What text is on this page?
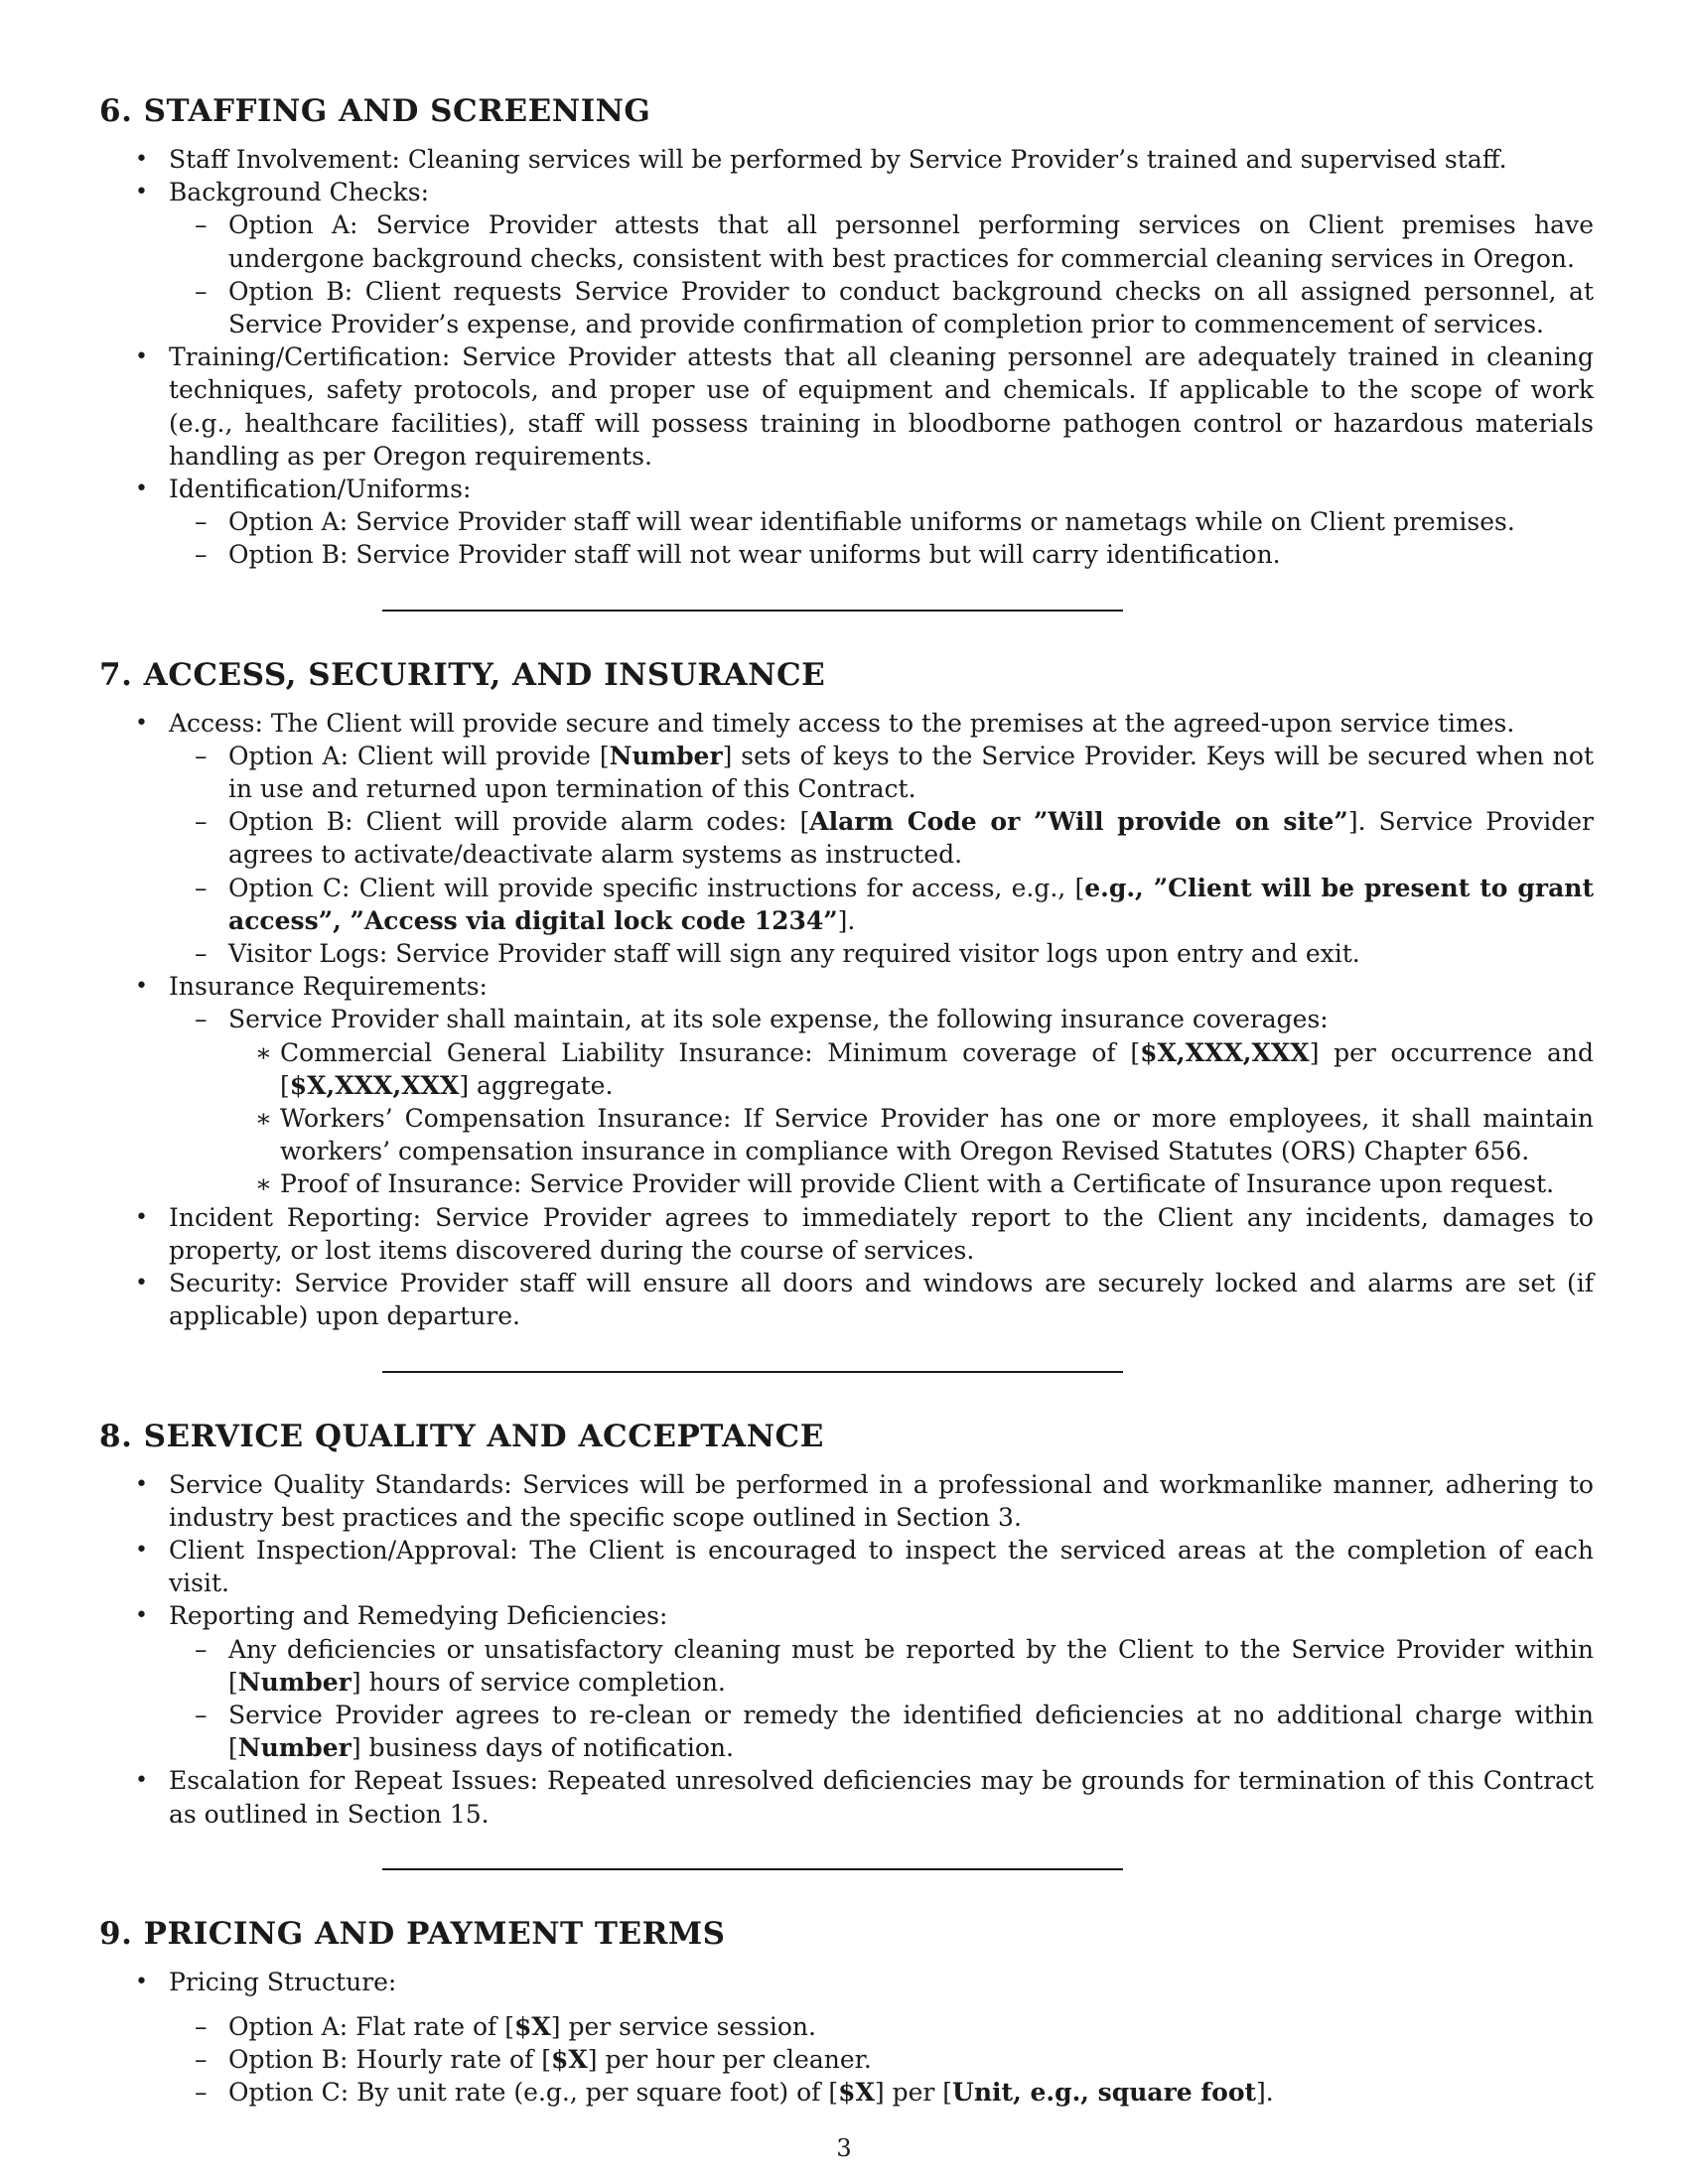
6. STAFFING AND SCREENING
• Staff Involvement: Cleaning services will be performed by Service Provider’s trained and supervised staff.
• Background Checks:
– Option A: Service Provider attests that all personnel performing services on Client premises have undergone background checks, consistent with best practices for commercial cleaning services in Oregon.
– Option B: Client requests Service Provider to conduct background checks on all assigned personnel, at Service Provider’s expense, and provide confirmation of completion prior to commencement of services.
• Training/Certification: Service Provider attests that all cleaning personnel are adequately trained in cleaning techniques, safety protocols, and proper use of equipment and chemicals. If applicable to the scope of work (e.g., healthcare facilities), staff will possess training in bloodborne pathogen control or hazardous materials handling as per Oregon requirements.
• Identification/Uniforms:
– Option A: Service Provider staff will wear identifiable uniforms or nametags while on Client premises.
– Option B: Service Provider staff will not wear uniforms but will carry identification.
7. ACCESS, SECURITY, AND INSURANCE
• Access: The Client will provide secure and timely access to the premises at the agreed-upon service times.
– Option A: Client will provide [Number] sets of keys to the Service Provider. Keys will be secured when not in use and returned upon termination of this Contract.
– Option B: Client will provide alarm codes: [Alarm Code or ”Will provide on site”]. Service Provider agrees to activate/deactivate alarm systems as instructed.
– Option C: Client will provide specific instructions for access, e.g., [e.g., ”Client will be present to grant access”, ”Access via digital lock code 1234”].
– Visitor Logs: Service Provider staff will sign any required visitor logs upon entry and exit.
• Insurance Requirements:
– Service Provider shall maintain, at its sole expense, the following insurance coverages:
∗ Commercial General Liability Insurance: Minimum coverage of [$X,XXX,XXX] per occurrence and [$X,XXX,XXX] aggregate.
∗ Workers’ Compensation Insurance: If Service Provider has one or more employees, it shall maintain workers’ compensation insurance in compliance with Oregon Revised Statutes (ORS) Chapter 656.
∗ Proof of Insurance: Service Provider will provide Client with a Certificate of Insurance upon request.
• Incident Reporting: Service Provider agrees to immediately report to the Client any incidents, damages to property, or lost items discovered during the course of services.
• Security: Service Provider staff will ensure all doors and windows are securely locked and alarms are set (if applicable) upon departure.
8. SERVICE QUALITY AND ACCEPTANCE
• Service Quality Standards: Services will be performed in a professional and workmanlike manner, adhering to industry best practices and the specific scope outlined in Section 3.
• Client Inspection/Approval: The Client is encouraged to inspect the serviced areas at the completion of each visit.
• Reporting and Remedying Deficiencies:
– Any deficiencies or unsatisfactory cleaning must be reported by the Client to the Service Provider within [Number] hours of service completion.
– Service Provider agrees to re-clean or remedy the identified deficiencies at no additional charge within [Number] business days of notification.
• Escalation for Repeat Issues: Repeated unresolved deficiencies may be grounds for termination of this Contract as outlined in Section 15.
9. PRICING AND PAYMENT TERMS
• Pricing Structure:
– Option A: Flat rate of [$X] per service session.
– Option B: Hourly rate of [$X] per hour per cleaner.
– Option C: By unit rate (e.g., per square foot) of [$X] per [Unit, e.g., square foot].
3
